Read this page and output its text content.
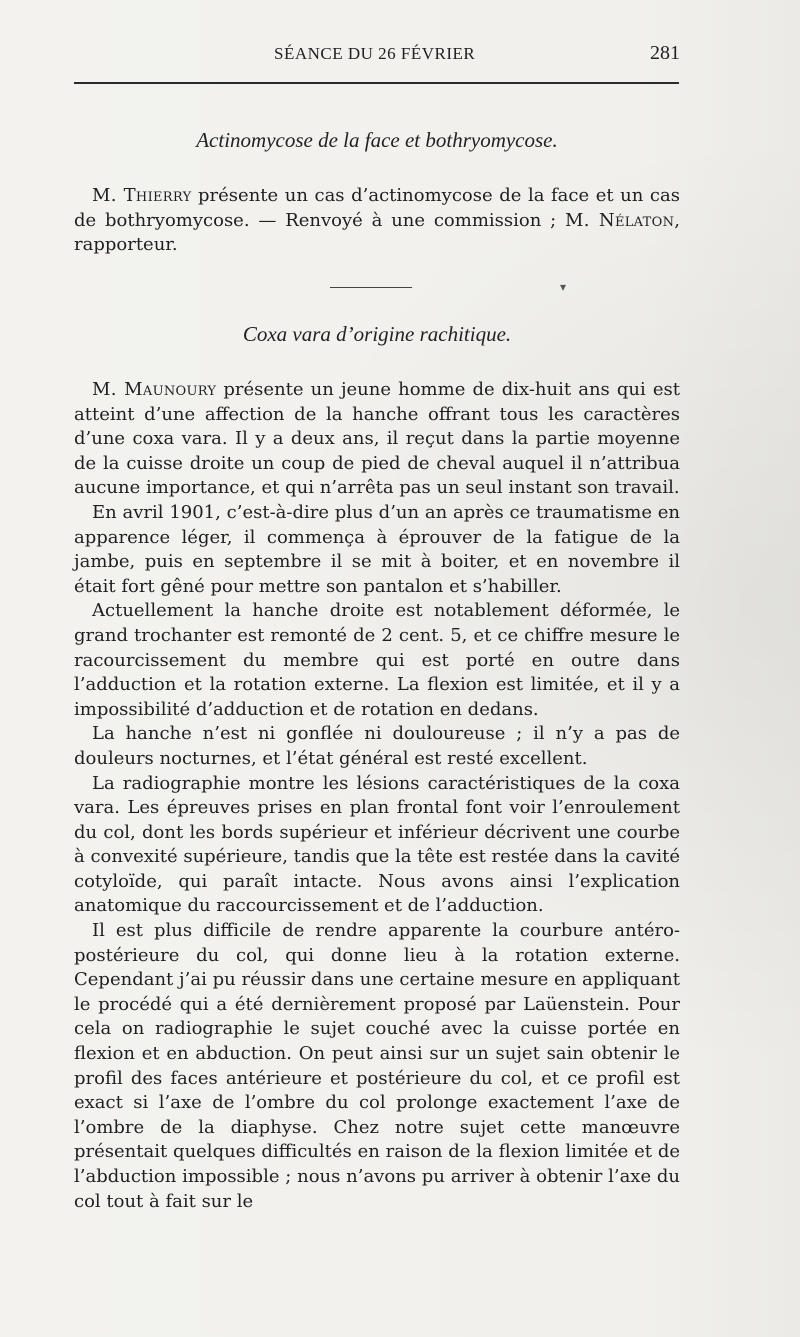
SÉANCE DU 26 FÉVRIER	281

Actinomycose de la face et bothryomycose.

M. Thierry présente un cas d’actinomycose de la face et un cas de bothryomycose. — Renvoyé à une commission ; M. Nélaton, rapporteur.

▾

Coxa vara d’origine rachitique.

M. Maunoury présente un jeune homme de dix-huit ans qui est atteint d’une affection de la hanche offrant tous les caractères d’une coxa vara. Il y a deux ans, il reçut dans la partie moyenne de la cuisse droite un coup de pied de cheval auquel il n’attribua aucune importance, et qui n’arrêta pas un seul instant son travail.

En avril 1901, c’est-à-dire plus d’un an après ce traumatisme en apparence léger, il commença à éprouver de la fatigue de la jambe, puis en septembre il se mit à boiter, et en novembre il était fort gêné pour mettre son pantalon et s’habiller.

Actuellement la hanche droite est notablement déformée, le grand trochanter est remonté de 2 cent. 5, et ce chiffre mesure le racourcissement du membre qui est porté en outre dans l’adduction et la rotation externe. La flexion est limitée, et il y a impossibilité d’adduction et de rotation en dedans.

La hanche n’est ni gonflée ni douloureuse ; il n’y a pas de douleurs nocturnes, et l’état général est resté excellent.

La radiographie montre les lésions caractéristiques de la coxa vara. Les épreuves prises en plan frontal font voir l’enroulement du col, dont les bords supérieur et inférieur décrivent une courbe à convexité supérieure, tandis que la tête est restée dans la cavité cotyloïde, qui paraît intacte. Nous avons ainsi l’explication anatomique du raccourcissement et de l’adduction.

Il est plus difficile de rendre apparente la courbure antéro-postérieure du col, qui donne lieu à la rotation externe. Cependant j’ai pu réussir dans une certaine mesure en appliquant le procédé qui a été dernièrement proposé par Laüenstein. Pour cela on radiographie le sujet couché avec la cuisse portée en flexion et en abduction. On peut ainsi sur un sujet sain obtenir le profil des faces antérieure et postérieure du col, et ce profil est exact si l’axe de l’ombre du col prolonge exactement l’axe de l’ombre de la diaphyse. Chez notre sujet cette manœuvre présentait quelques difficultés en raison de la flexion limitée et de l’abduction impossible ; nous n’avons pu arriver à obtenir l’axe du col tout à fait sur le
